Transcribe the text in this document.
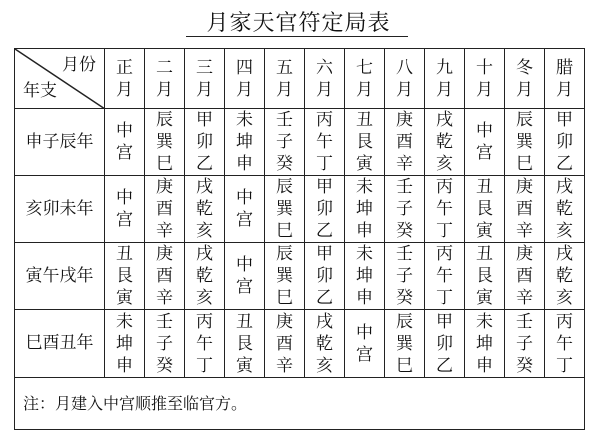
月家天官符定局表
月份
年支	正月	二月	三月	四月	五月	六月	七月	八月	九月	十月	冬月	腊月
申子辰年	中宫	辰巽巳	甲卯乙	未坤申	壬子癸	丙午丁	丑艮寅	庚酉辛	戌乾亥	中宫	辰巽巳	甲卯乙
亥卯未年	中宫	庚酉辛	戌乾亥	中宫	辰巽巳	甲卯乙	未坤申	壬子癸	丙午丁	丑艮寅	庚酉辛	戌乾亥
寅午戌年	丑艮寅	庚酉辛	戌乾亥	中宫	辰巽巳	甲卯乙	未坤申	壬子癸	丙午丁	丑艮寅	庚酉辛	戌乾亥
巳酉丑年	未坤申	壬子癸	丙午丁	丑艮寅	庚酉辛	戌乾亥	中宫	辰巽巳	甲卯乙	未坤申	壬子癸	丙午丁
注：月建入中宫顺推至临官方。												
